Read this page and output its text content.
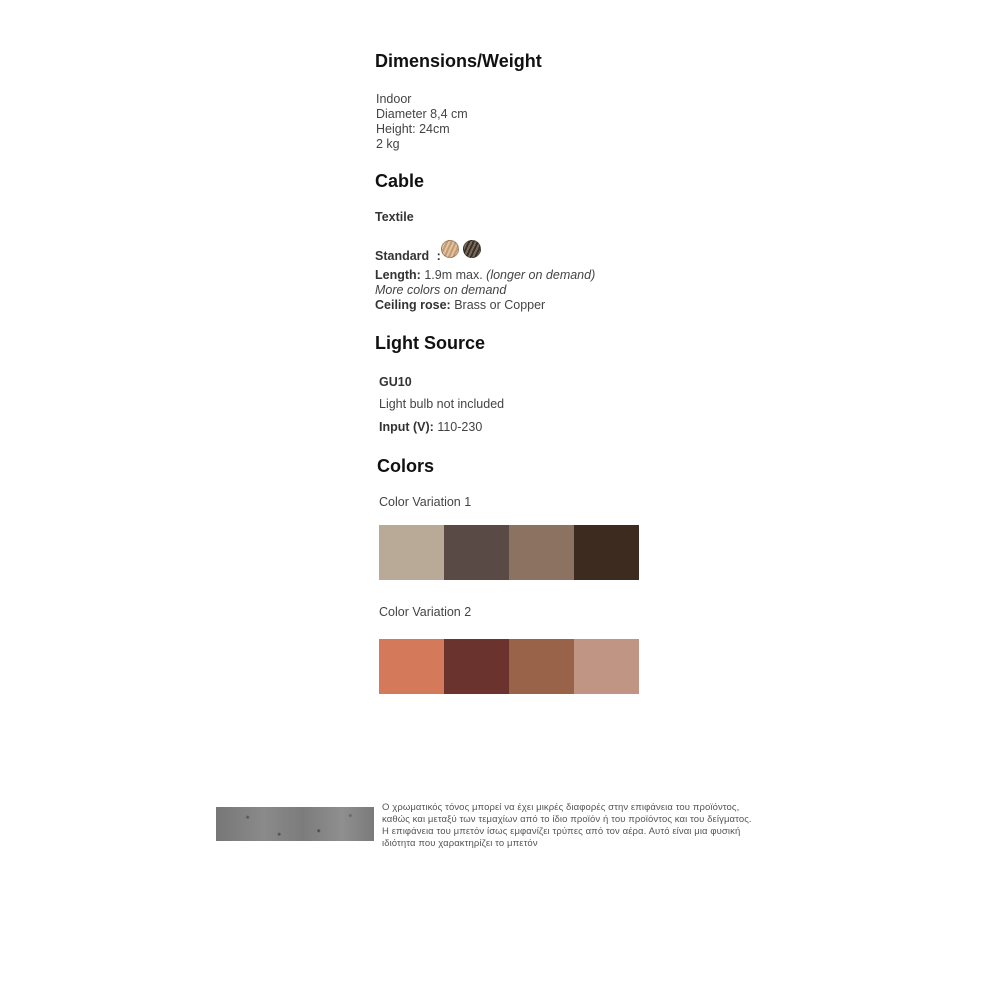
Dimensions/Weight
Indoor
Diameter 8,4 cm
Height: 24cm
2 kg
Cable
Textile
Standard :
Length: 1.9m max. (longer on demand)
More colors on demand
Ceiling rose: Brass or Copper
Light Source
GU10
Light bulb not included
Input (V): 110-230
Colors
Color Variation 1
Color Variation 2
Ο χρωματικός τόνος μπορεί να έχει μικρές διαφορές στην επιφάνεια του προϊόντος, καθώς και μεταξύ των τεμαχίων από το ίδιο προϊόν ή του προϊόντος και του δείγματος. Η επιφάνεια του μπετόν ίσως εμφανίζει τρύπες από τον αέρα. Αυτό είναι μια φυσική ιδιότητα που χαρακτηρίζει το μπετόν
